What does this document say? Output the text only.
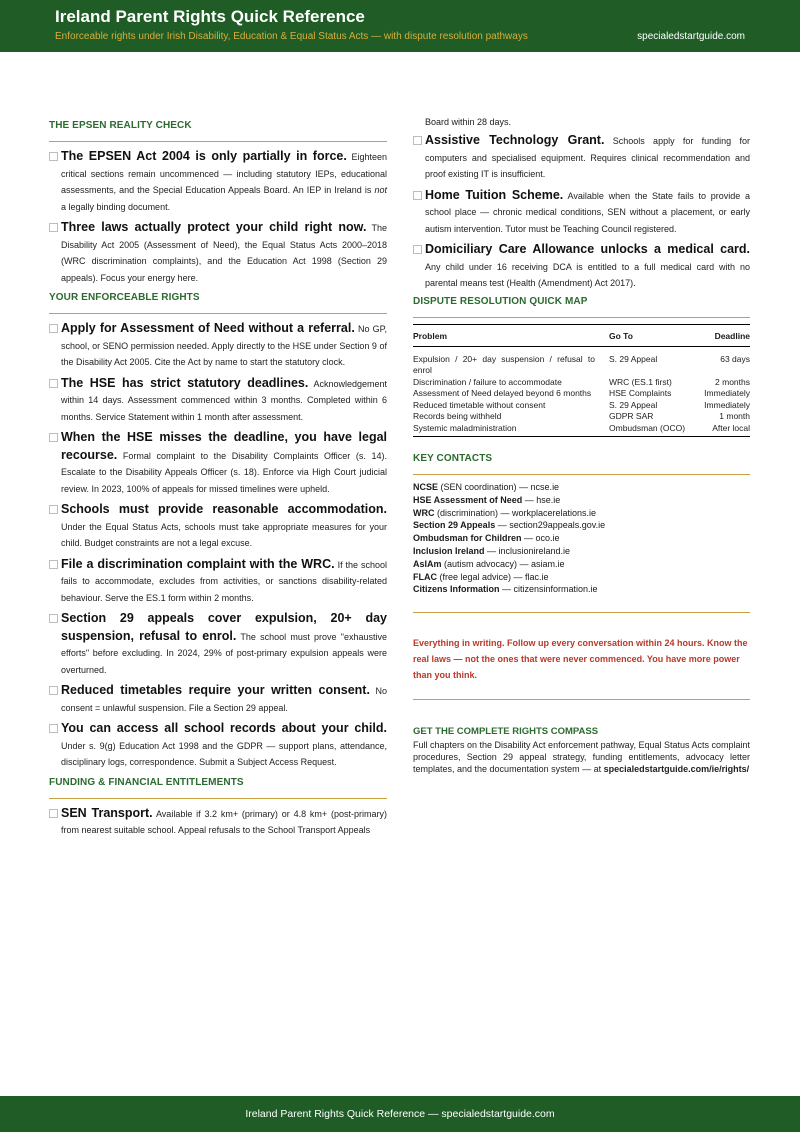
Ireland Parent Rights Quick Reference
Enforceable rights under Irish Disability, Education & Equal Status Acts — with dispute resolution pathways	specialedstartguide.com
THE EPSEN REALITY CHECK
The EPSEN Act 2004 is only partially in force. Eighteen critical sections remain uncommenced — including statutory IEPs, educational assessments, and the Special Education Appeals Board. An IEP in Ireland is not a legally binding document.
Three laws actually protect your child right now. The Disability Act 2005 (Assessment of Need), the Equal Status Acts 2000–2018 (WRC discrimination complaints), and the Education Act 1998 (Section 29 appeals). Focus your energy here.
YOUR ENFORCEABLE RIGHTS
Apply for Assessment of Need without a referral. No GP, school, or SENO permission needed. Apply directly to the HSE under Section 9 of the Disability Act 2005. Cite the Act by name to start the statutory clock.
The HSE has strict statutory deadlines. Acknowledgement within 14 days. Assessment commenced within 3 months. Completed within 6 months. Service Statement within 1 month after assessment.
When the HSE misses the deadline, you have legal recourse. Formal complaint to the Disability Complaints Officer (s. 14). Escalate to the Disability Appeals Officer (s. 18). Enforce via High Court judicial review. In 2023, 100% of appeals for missed timelines were upheld.
Schools must provide reasonable accommodation. Under the Equal Status Acts, schools must take appropriate measures for your child. Budget constraints are not a legal excuse.
File a discrimination complaint with the WRC. If the school fails to accommodate, excludes from activities, or sanctions disability-related behaviour. Serve the ES.1 form within 2 months.
Section 29 appeals cover expulsion, 20+ day suspension, refusal to enrol. The school must prove "exhaustive efforts" before excluding. In 2024, 29% of post-primary expulsion appeals were overturned.
Reduced timetables require your written consent. No consent = unlawful suspension. File a Section 29 appeal.
You can access all school records about your child. Under s. 9(g) Education Act 1998 and the GDPR — support plans, attendance, disciplinary logs, correspondence. Submit a Subject Access Request.
FUNDING & FINANCIAL ENTITLEMENTS
SEN Transport. Available if 3.2 km+ (primary) or 4.8 km+ (post-primary) from nearest suitable school. Appeal refusals to the School Transport Appeals
Board within 28 days.
Assistive Technology Grant. Schools apply for funding for computers and specialised equipment. Requires clinical recommendation and proof existing IT is insufficient.
Home Tuition Scheme. Available when the State fails to provide a school place — chronic medical conditions, SEN without a placement, or early autism intervention. Tutor must be Teaching Council registered.
Domiciliary Care Allowance unlocks a medical card. Any child under 16 receiving DCA is entitled to a full medical card with no parental means test (Health (Amendment) Act 2017).
DISPUTE RESOLUTION QUICK MAP
Problem	Go To	Deadline
Expulsion / 20+ day suspension / refusal to enrol	S. 29 Appeal	63 days
Discrimination / failure to accommodate	WRC (ES.1 first)	2 months
Assessment of Need delayed beyond 6 months	HSE Complaints	Immediately
Reduced timetable without consent	S. 29 Appeal	Immediately
Records being withheld	GDPR SAR	1 month
Systemic maladministration	Ombudsman (OCO)	After local
KEY CONTACTS
NCSE (SEN coordination) — ncse.ie
HSE Assessment of Need — hse.ie
WRC (discrimination) — workplacerelations.ie
Section 29 Appeals — section29appeals.gov.ie
Ombudsman for Children — oco.ie
Inclusion Ireland — inclusionireland.ie
AsIAm (autism advocacy) — asiam.ie
FLAC (free legal advice) — flac.ie
Citizens Information — citizensinformation.ie
Everything in writing. Follow up every conversation within 24 hours. Know the real laws — not the ones that were never commenced. You have more power than you think.
GET THE COMPLETE RIGHTS COMPASS
Full chapters on the Disability Act enforcement pathway, Equal Status Acts complaint procedures, Section 29 appeal strategy, funding entitlements, advocacy letter templates, and the documentation system — at specialedstartguide.com/ie/rights/
Ireland Parent Rights Quick Reference — specialedstartguide.com
